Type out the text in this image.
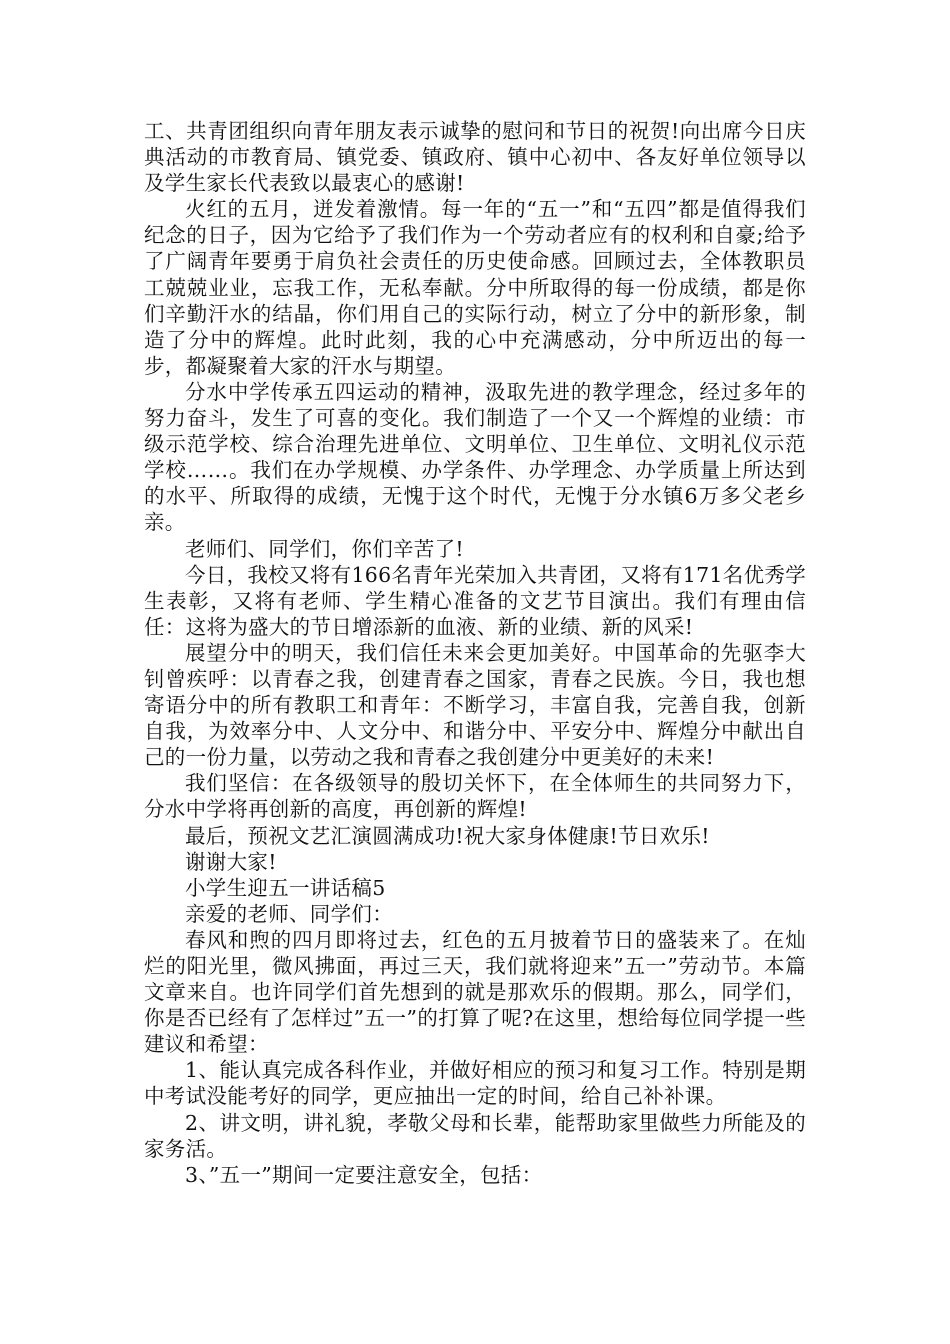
工、共青团组织向青年朋友表示诚挚的慰问和节日的祝贺!向出席今日庆典活动的市教育局、镇党委、镇政府、镇中心初中、各友好单位领导以及学生家长代表致以最衷心的感谢!

火红的五月，迸发着激情。每一年的“五一”和“五四”都是值得我们纪念的日子，因为它给予了我们作为一个劳动者应有的权利和自豪;给予了广阔青年要勇于肩负社会责任的历史使命感。回顾过去，全体教职员工兢兢业业，忘我工作，无私奉献。分中所取得的每一份成绩，都是你们辛勤汗水的结晶，你们用自己的实际行动，树立了分中的新形象，制造了分中的辉煌。此时此刻，我的心中充满感动，分中所迈出的每一步，都凝聚着大家的汗水与期望。

分水中学传承五四运动的精神，汲取先进的教学理念，经过多年的努力奋斗，发生了可喜的变化。我们制造了一个又一个辉煌的业绩：市级示范学校、综合治理先进单位、文明单位、卫生单位、文明礼仪示范学校……。我们在办学规模、办学条件、办学理念、办学质量上所达到的水平、所取得的成绩，无愧于这个时代，无愧于分水镇6万多父老乡亲。

老师们、同学们，你们辛苦了!

今日，我校又将有166名青年光荣加入共青团，又将有171名优秀学生表彰，又将有老师、学生精心准备的文艺节目演出。我们有理由信任：这将为盛大的节日增添新的血液、新的业绩、新的风采!

展望分中的明天，我们信任未来会更加美好。中国革命的先驱李大钊曾疾呼：以青春之我，创建青春之国家，青春之民族。今日，我也想寄语分中的所有教职工和青年：不断学习，丰富自我，完善自我，创新自我，为效率分中、人文分中、和谐分中、平安分中、辉煌分中献出自己的一份力量，以劳动之我和青春之我创建分中更美好的未来!

我们坚信：在各级领导的殷切关怀下，在全体师生的共同努力下，分水中学将再创新的高度，再创新的辉煌!

最后，预祝文艺汇演圆满成功!祝大家身体健康!节日欢乐!

谢谢大家!

小学生迎五一讲话稿5

亲爱的老师、同学们：

春风和煦的四月即将过去，红色的五月披着节日的盛装来了。在灿烂的阳光里，微风拂面，再过三天，我们就将迎来”五一”劳动节。本篇文章来自。也许同学们首先想到的就是那欢乐的假期。那么，同学们，你是否已经有了怎样过”五一”的打算了呢?在这里，想给每位同学提一些建议和希望：

1、能认真完成各科作业，并做好相应的预习和复习工作。特别是期中考试没能考好的同学，更应抽出一定的时间，给自己补补课。

2、讲文明，讲礼貌，孝敬父母和长辈，能帮助家里做些力所能及的家务活。

3、”五一”期间一定要注意安全，包括：
